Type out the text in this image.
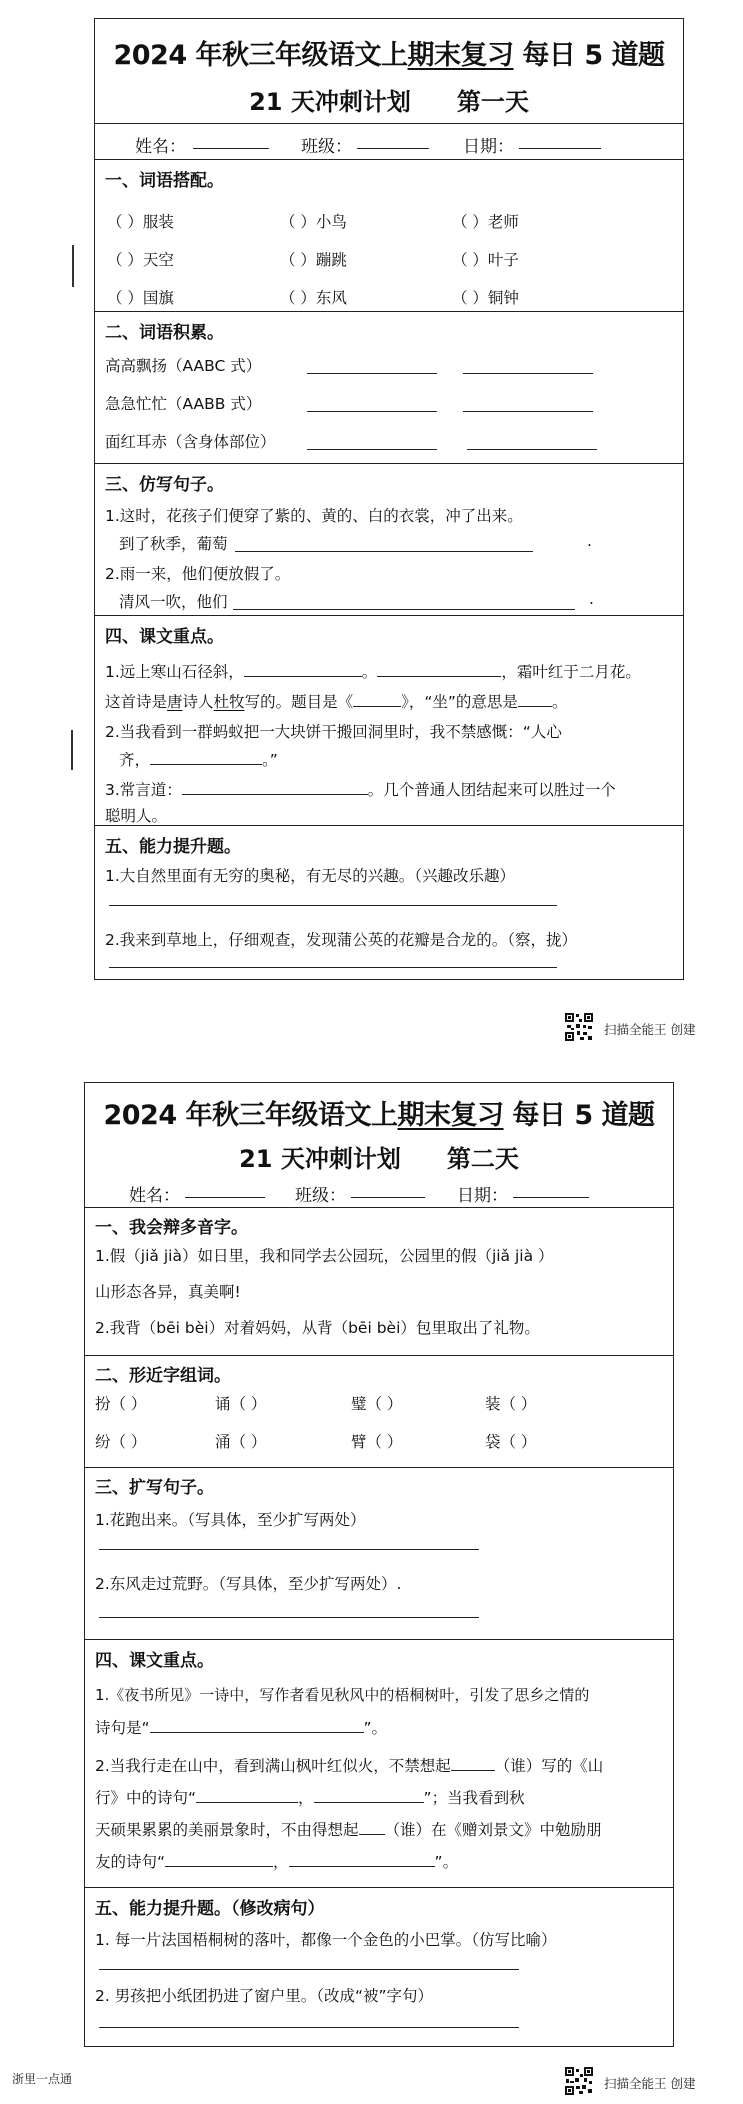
2024 年秋三年级语文上期末复习 每日 5 道题
21 天冲刺计划 第一天
姓名：	班级：	日期：
一、词语搭配。
（ ）服装	（ ）小鸟	（ ）老师
（ ）天空	（ ）蹦跳	（ ）叶子
（ ）国旗	（ ）东风	（ ）铜钟
二、词语积累。
高高飘扬（AABC 式）
急急忙忙（AABB 式）
面红耳赤（含身体部位）
三、仿写句子。
1.这时，花孩子们便穿了紫的、黄的、白的衣裳，冲了出来。
到了秋季，葡萄	.
2.雨一来，他们便放假了。
清风一吹，他们	.
四、课文重点。
1.远上寒山石径斜，	。	，霜叶红于二月花。
这首诗是唐诗人杜牧写的。题目是《	》，“坐”的意思是 。
2.当我看到一群蚂蚁把一大块饼干搬回洞里时，我不禁感慨：“人心
齐，	。”
3.常言道：	。几个普通人团结起来可以胜过一个
聪明人。
五、能力提升题。
1.大自然里面有无穷的奥秘，有无尽的兴趣。（兴趣改乐趣）
2.我来到草地上，仔细观查，发现蒲公英的花瓣是合龙的。（察，拢）
扫描全能王 创建
2024 年秋三年级语文上期末复习 每日 5 道题
21 天冲刺计划 第二天
姓名：	班级：	日期：
一、我会辩多音字。
1.假（jiǎ jià）如日里，我和同学去公园玩，公园里的假（jiǎ jià ）
山形态各异，真美啊!
2.我背（bēi bèi）对着妈妈，从背（bēi bèi）包里取出了礼物。
二、形近字组词。
扮（ ）	诵（ ）	璧（ ）	装（ ）
纷（ ）	涌（ ）	臂（ ）	袋（ ）
三、扩写句子。
1.花跑出来。（写具体，至少扩写两处）
2.东风走过荒野。（写具体，至少扩写两处）.
四、课文重点。
1.《夜书所见》一诗中，写作者看见秋风中的梧桐树叶，引发了思乡之情的
诗句是“	”。
2.当我行走在山中，看到满山枫叶红似火，不禁想起	（谁）写的《山
行》中的诗句“	，	”；当我看到秋
天硕果累累的美丽景象时，不由得想起 （谁）在《赠刘景文》中勉励朋
友的诗句“	，	”。
五、能力提升题。（修改病句）
1. 每一片法国梧桐树的落叶，都像一个金色的小巴掌。（仿写比喻）
2. 男孩把小纸团扔进了窗户里。（改成“被”字句）
浙里一点通	扫描全能王 创建
